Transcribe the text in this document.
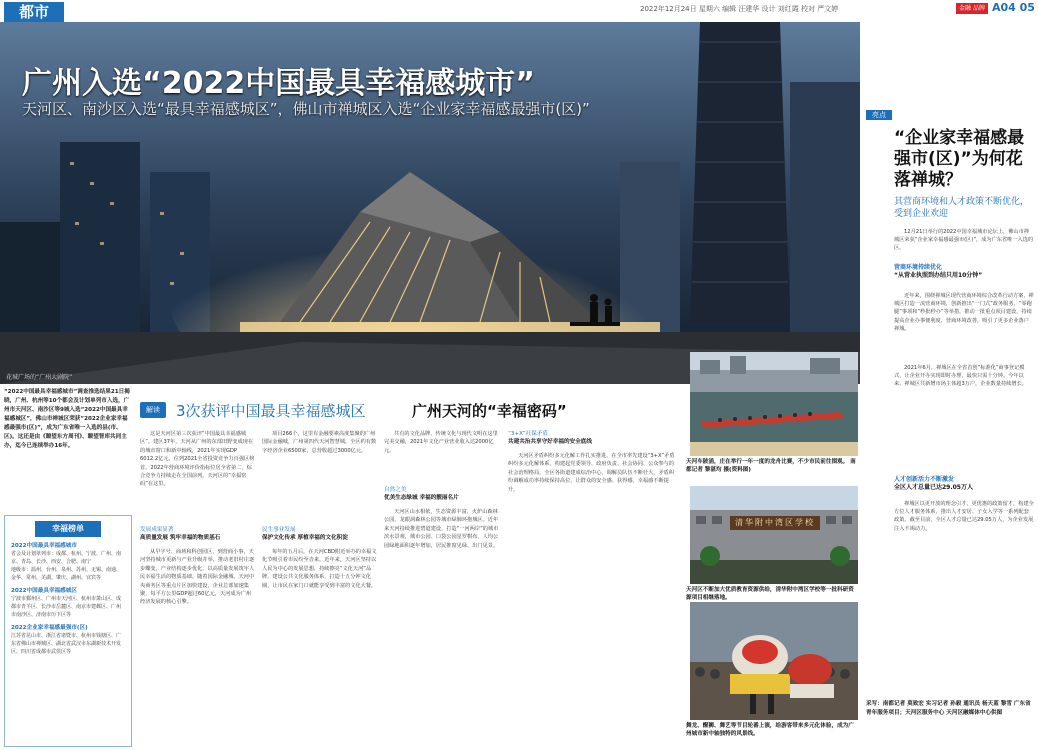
都市	2022年12月24日 星期六 编辑 汪建华 设计 刘红霞 校对 严文婷	金融 品牌 A04 05
广州入选“2022中国最具幸福感城市”
天河区、南沙区入选“最具幸福感城区”，佛山市禅城区入选“企业家幸福感最强市(区)”
花城广场的“广州大剧院”
亮点
“企业家幸福感最强市(区)”为何花落禅城？
其营商环境和人才政策不断优化，受到企业欢迎
12月21日举行的2022中国幸福城市论坛上，佛山市禅城区荣获“企业家幸福感最强市(区)”，成为广东省唯一入选的区。
营商环境持续优化
“从营业执照到办结只用10分钟”
近年来，围绕禅城区现代营商环境综合改革行动方案，禅城区打造一流营商环境，创新推出“一门式”政务服务、“零跑腿”事项和“秒批秒办”等举措，推动一批重点项目建设，持续提高企业办事便利度。营商环境改善，吸引了更多企业落户禅城。
2021年6月，禅城区在全省首创“标准化”商事登记模式，让企业开办实现即时办理，最快只需十分钟。今年以来，禅城区共新增市场主体超3万户，企业数量持续增长。
人才创新活力不断激发
全区人才总量已达29.05万人
禅城区以更开放的理念引才、更优惠的政策留才，构建全方位人才服务体系，推出人才安居、子女入学等一系列配套政策。截至目前，全区人才总量已达29.05万人，为企业发展注入不竭动力。
采写：南都记者 莫致宏 实习记者 孙毅 通讯员 杨天蓝 黎雪 广东省青年服务项目；天河区服务中心 天河区融媒体中心供图
“2022中国最具幸福感城市”调查推选结果21日揭晓，广州、杭州等10个都会及计划单列市入选，广州市天河区、南沙区等9城入选“2022中国最具幸福感城区”，佛山市禅城区荣获“2022企业家幸福感最强市(区)”，成为广东省唯一入选的县(市、区)。这还是由《瞭望东方周刊》、瞭望智库共同主办，迄今已连续举办16年。
幸福榜单
2022中国最具幸福感城市
省会及计划单列市：成都、杭州、宁波、广州、南京、青岛、长沙、西安、合肥、南宁
地级市：温州、台州、泉州、苏州、无锡、南通、金华、常州、芜湖、肇庆、湖州、宜宾等
2022中国最具幸福感城区
宁波市鄞州区、广州市天河区、杭州市萧山区、成都市青羊区、长沙市岳麓区、南京市建邺区、广州市南沙区、济南市历下区等
2022企业家幸福感最强市(区)
江苏省昆山市、浙江省诸暨市、杭州市钱塘区、广东省佛山市禅城区、湖北省武汉市东湖新技术开发区、四川省成都市武侯区等
解读	3次获评中国最具幸福感城区	广州天河的“幸福密码”
这是天河区第三次获评“中国最具幸福感城区”。建区37年，天河从广州的东部田野变成现在的城市窗口和新中轴线，2021年实现GDP 6012.2亿元，位列2021全省投资竞争力百强区榜首。2022年营商环境评价指标位居全省第二，综合竞争力持续走在全国前列。天河区的“幸福密码”在这里。
发展成果显著
高质量发展 筑牢幸福的物质基石
从早字号、商场和科创园区，到营商小事，天河坚持城市更新与产业升级并举，推动老旧村庄逐步蝶变，产业结构逐步优化，以高质量发展筑牢人民幸福生活的物质基础。随着国际金融城、天河中央商务区等重点片区加快建设，企业总部加速集聚，每平方公里GDP超过60亿元，天河成为广州经济发展的核心引擎。
项目266个，这里有金融要素高度集聚的广州国际金融城，广州第四代天河智慧城，全区约有数字经济企业6500家，总营收超过3000亿元。
民生事业发展
保护文化传承 厚植幸福的文化积淀
每年的五月后，在天河CBD附近举办的幸福文化节吸引着市民纷至沓来。近年来，天河区坚持以人民为中心的发展思想，持续擦亮“文化天河”品牌，建设公共文化服务体系，打造十五分钟文化圈，让市民在家门口就能享受到丰富的文化大餐。
共有的文化品牌，传统文化与现代文明在这里完美交融，2021年文化产业营业收入达2000亿元。
自然之美
优美生态绿城 幸福的靓丽名片
天河区山水相依，生态资源丰富，火炉山森林公园、龙眼洞森林公园等城市绿肺环抱城区。近年来天河持续推进碧道建设，打造“一河两岸”的城市滨水景观，城市公园、口袋公园星罗棋布，人均公园绿地面积逐年增加，居民推窗见绿、出门见景。
“3+X”社保矛盾
共建共治共享守好幸福的安全底线
天河区矛盾纠纷多元化解工作扎实推进，在全市率先建设“3+X”矛盾纠纷多元化解体系，构建起党委领导、政府负责、社会协同、公众参与的社会治理格局。全区各街道建成综治中心，调解员队伍不断壮大，矛盾纠纷调解成功率持续保持高位，让群众的安全感、获得感、幸福感不断提升。
天河车陂涌，庄在举行一年一度的龙舟比赛，不少市民前往围观。 南都记者 黎湛均 摄(资料图)
清华附中湾区学校
天河区不断加大优质教育资源供给，清华附中湾区学校等一批科研资源项目相继落地。
舞龙、醒狮、舞艺等节目轮番上演，给游客带来多元化体验，成为广州城市新中轴独特的风景线。
